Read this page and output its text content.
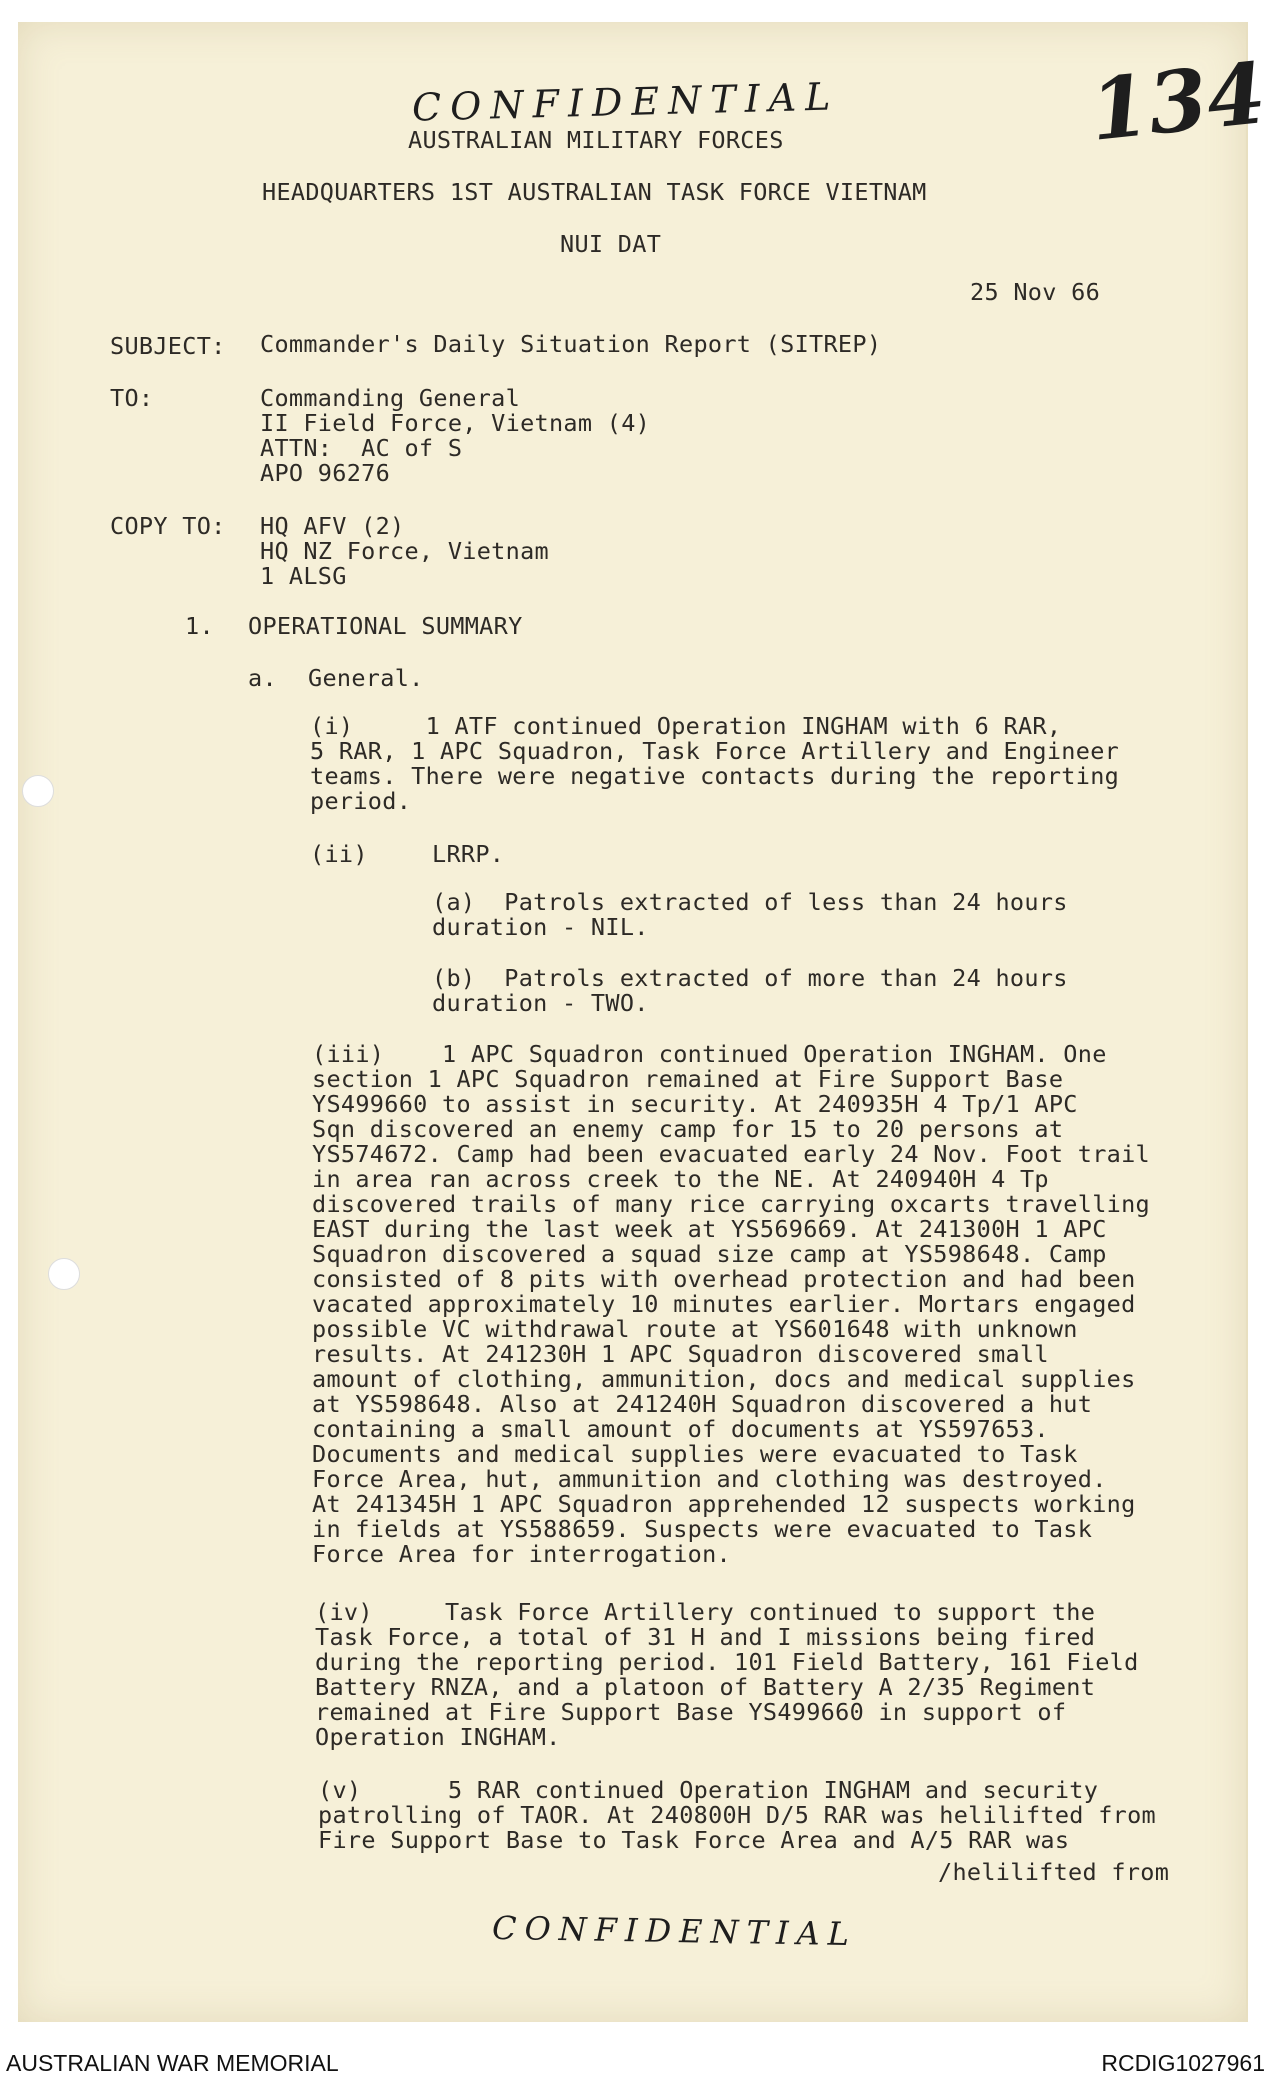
CONFIDENTIAL	134
AUSTRALIAN MILITARY FORCES
HEADQUARTERS 1ST AUSTRALIAN TASK FORCE VIETNAM
NUI DAT
25 Nov 66
SUBJECT: Commander's Daily Situation Report (SITREP)
TO:	Commanding General
II Field Force, Vietnam (4)
ATTN:  AC of S
APO 96276
COPY TO: HQ AFV (2)
HQ NZ Force, Vietnam
1 ALSG
1. OPERATIONAL SUMMARY
a. General.
(i)     1 ATF continued Operation INGHAM with 6 RAR,
5 RAR, 1 APC Squadron, Task Force Artillery and Engineer
teams. There were negative contacts during the reporting
period.
(ii)	LRRP.
(a)  Patrols extracted of less than 24 hours
duration - NIL.
(b)  Patrols extracted of more than 24 hours
duration - TWO.
(iii)    1 APC Squadron continued Operation INGHAM. One
section 1 APC Squadron remained at Fire Support Base
YS499660 to assist in security. At 240935H 4 Tp/1 APC
Sqn discovered an enemy camp for 15 to 20 persons at
YS574672. Camp had been evacuated early 24 Nov. Foot trail
in area ran across creek to the NE. At 240940H 4 Tp
discovered trails of many rice carrying oxcarts travelling
EAST during the last week at YS569669. At 241300H 1 APC
Squadron discovered a squad size camp at YS598648. Camp
consisted of 8 pits with overhead protection and had been
vacated approximately 10 minutes earlier. Mortars engaged
possible VC withdrawal route at YS601648 with unknown
results. At 241230H 1 APC Squadron discovered small
amount of clothing, ammunition, docs and medical supplies
at YS598648. Also at 241240H Squadron discovered a hut
containing a small amount of documents at YS597653.
Documents and medical supplies were evacuated to Task
Force Area, hut, ammunition and clothing was destroyed.
At 241345H 1 APC Squadron apprehended 12 suspects working
in fields at YS588659. Suspects were evacuated to Task
Force Area for interrogation.
(iv)     Task Force Artillery continued to support the
Task Force, a total of 31 H and I missions being fired
during the reporting period. 101 Field Battery, 161 Field
Battery RNZA, and a platoon of Battery A 2/35 Regiment
remained at Fire Support Base YS499660 in support of
Operation INGHAM.
(v)      5 RAR continued Operation INGHAM and security
patrolling of TAOR. At 240800H D/5 RAR was helilifted from
Fire Support Base to Task Force Area and A/5 RAR was
/helilifted from
CONFIDENTIAL
AUSTRALIAN WAR MEMORIAL	RCDIG1027961
